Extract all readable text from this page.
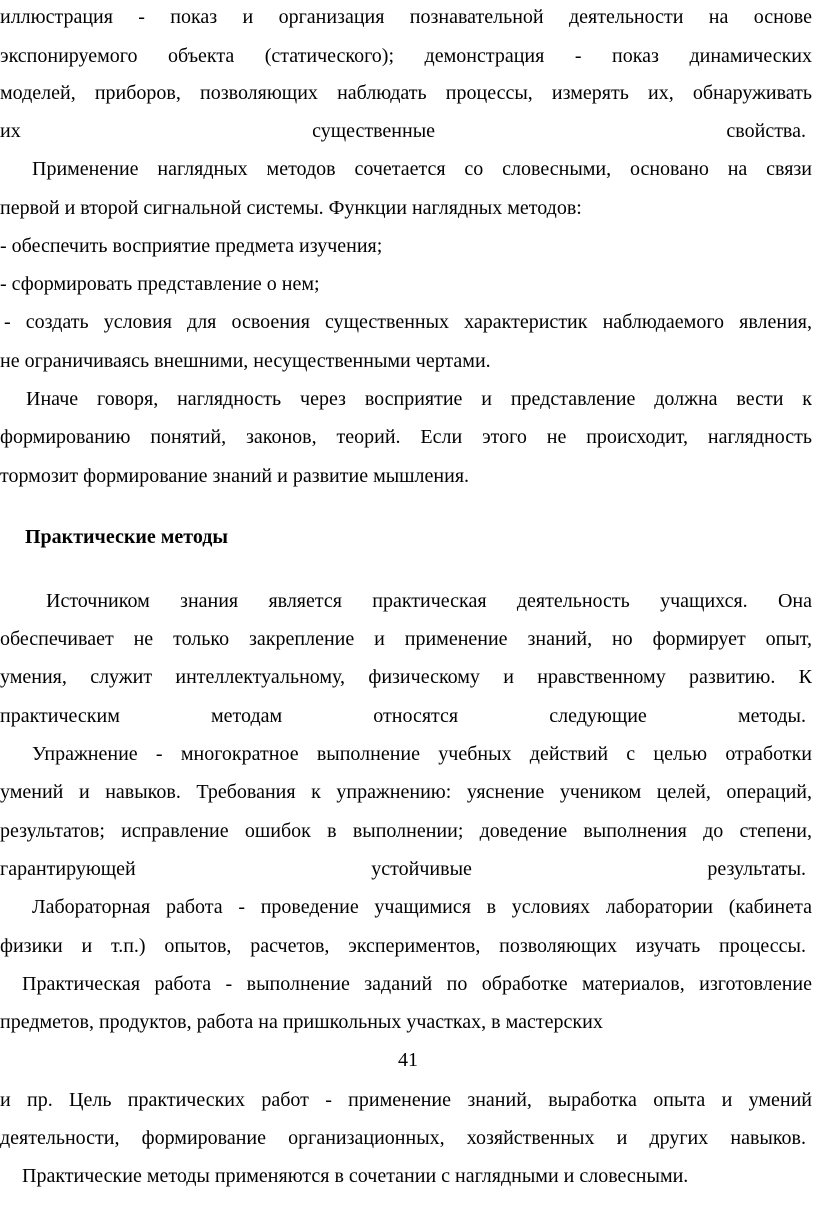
иллюстрация - показ и организация познавательной деятельности на основе
экспонируемого объекта (статического); демонстрация - показ динамических
моделей, приборов, позволяющих наблюдать процессы, измерять их, обнаруживать
их существенные свойства.
Применение наглядных методов сочетается со словесными, основано на связи
первой и второй сигнальной системы. Функции наглядных методов:
- обеспечить восприятие предмета изучения;
- сформировать представление о нем;
- создать условия для освоения существенных характеристик наблюдаемого явления,
не ограничиваясь внешними, несущественными чертами.
Иначе говоря, наглядность через восприятие и представление должна вести к
формированию понятий, законов, теорий. Если этого не происходит, наглядность
тормозит формирование знаний и развитие мышления.
Практические методы
Источником знания является практическая деятельность учащихся. Она
обеспечивает не только закрепление и применение знаний, но формирует опыт,
умения, служит интеллектуальному, физическому и нравственному развитию. К
практическим методам относятся следующие методы.
Упражнение - многократное выполнение учебных действий с целью отработки
умений и навыков. Требования к упражнению: уяснение учеником целей, операций,
результатов; исправление ошибок в выполнении; доведение выполнения до степени,
гарантирующей устойчивые результаты.
Лабораторная работа - проведение учащимися в условиях лаборатории (кабинета
физики и т.п.) опытов, расчетов, экспериментов, позволяющих изучать процессы.
Практическая работа - выполнение заданий по обработке материалов, изготовление
предметов, продуктов, работа на пришкольных участках, в мастерских
41
и пр. Цель практических работ - применение знаний, выработка опыта и умений
деятельности, формирование организационных, хозяйственных и других навыков.
Практические методы применяются в сочетании с наглядными и словесными.
